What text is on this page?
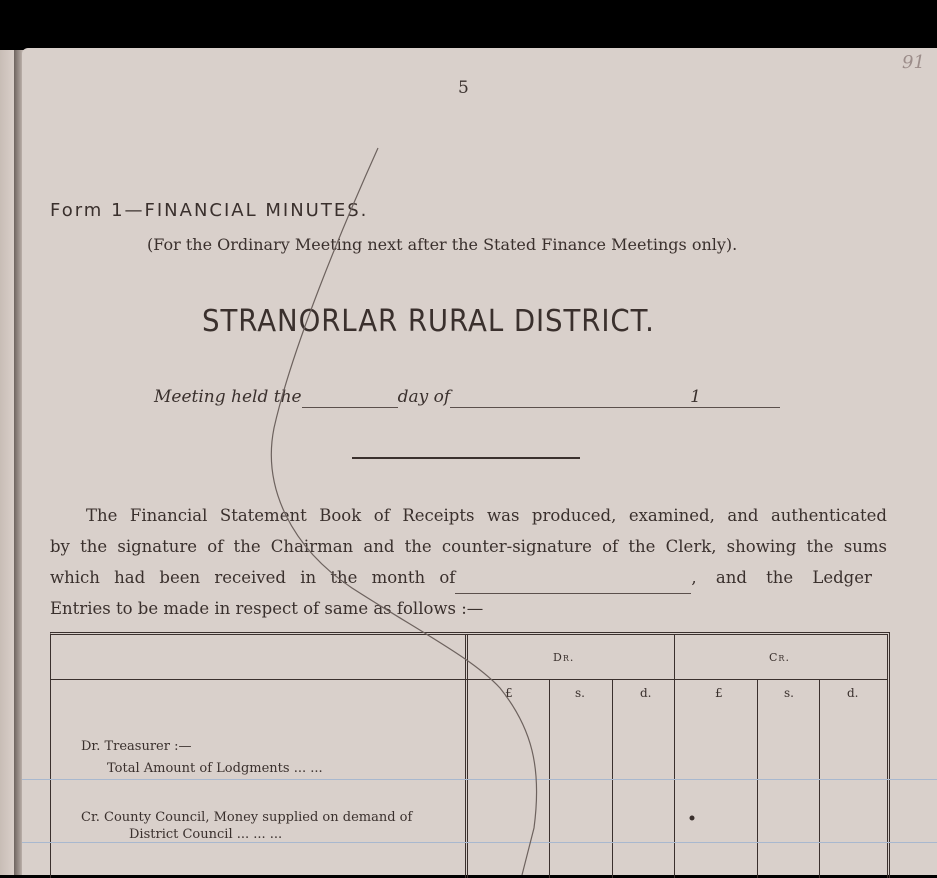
5
91
Form 1—FINANCIAL MINUTES.
(For the Ordinary Meeting next after the Stated Finance Meetings only).
STRANORLAR RURAL DISTRICT.
Meeting held the	day of	1
The Financial Statement Book of Receipts was produced, examined, and authenticated
by the signature of the Chairman and the counter-signature of the Clerk, showing the sums
which had been received in the month of	, and the Ledger
Entries to be made in respect of same as follows :—
Dr.	Cr.
£	s.	d.	£	s.	d.
Dr. Treasurer :—
Total Amount of Lodgments ... ...
Cr. County Council, Money supplied on demand of
District Council ... ... ...
